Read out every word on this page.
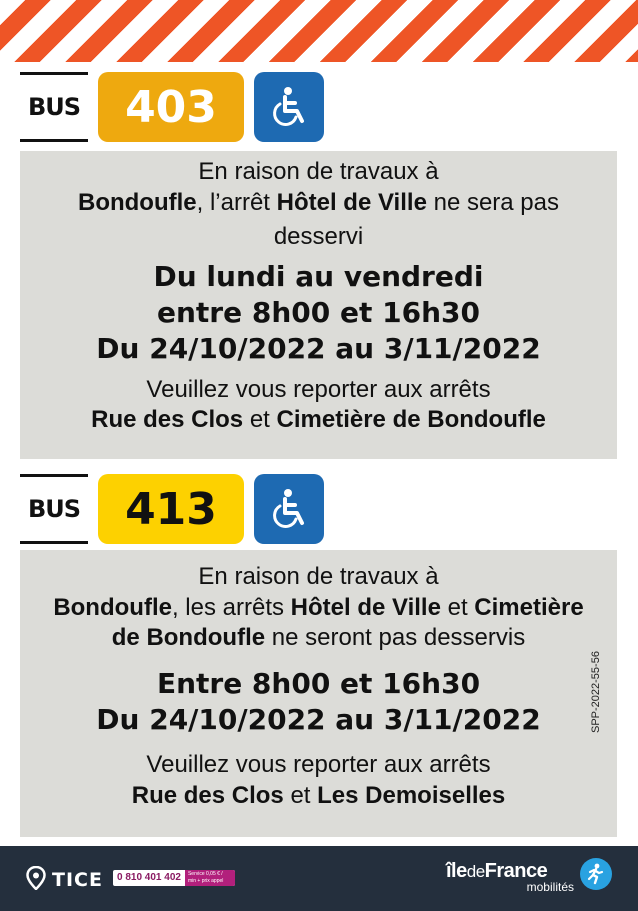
BUS	403

En raison de travaux à

Bondoufle, l’arrêt Hôtel de Ville ne sera pas

desservi

Du lundi au vendredi

entre 8h00 et 16h30

Du 24/10/2022 au 3/11/2022

Veuillez vous reporter aux arrêts

Rue des Clos et Cimetière de Bondoufle

BUS	413

En raison de travaux à

Bondoufle, les arrêts Hôtel de Ville et Cimetière

de Bondoufle ne seront pas desservis

Entre 8h00 et 16h30

Du 24/10/2022 au 3/11/2022

Veuillez vous reporter aux arrêts

Rue des Clos et Les Demoiselles

SPP-2022-55-56
TICE	0 810 401 402	Service 0,05 € / min + prix appel	îledeFrance
mobilités
